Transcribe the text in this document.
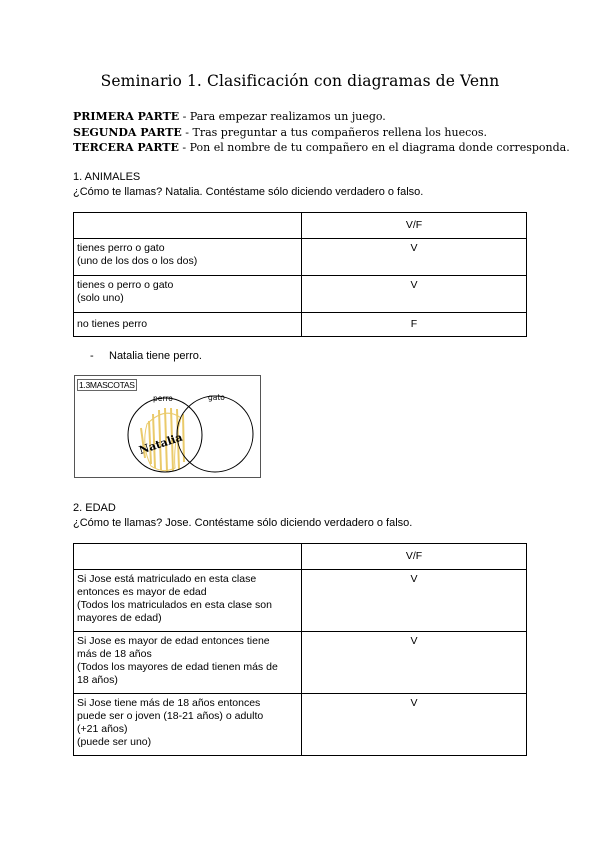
Seminario 1. Clasificación con diagramas de Venn
PRIMERA PARTE - Para empezar realizamos un juego.
SEGUNDA PARTE - Tras preguntar a tus compañeros rellena los huecos.
TERCERA PARTE - Pon el nombre de tu compañero en el diagrama donde corresponda.
1. ANIMALES
¿Cómo te llamas? Natalia. Contéstame sólo diciendo verdadero o falso.
	V/F

tienes perro o gato
(uno de los dos o los dos)	V

tienes o perro o gato
(solo uno)	V
no tienes perro	F
- Natalia tiene perro.
1.3MASCOTAS
perro	gato
Natalia
2. EDAD
¿Cómo te llamas? Jose. Contéstame sólo diciendo verdadero o falso.
	V/F

Si Jose está matriculado en esta clase
entonces es mayor de edad
(Todos los matriculados en esta clase son
mayores de edad)	V

Si Jose es mayor de edad entonces tiene
más de 18 años
(Todos los mayores de edad tienen más de
18 años)	V

Si Jose tiene más de 18 años entonces
puede ser o joven (18-21 años) o adulto
(+21 años)
(puede ser uno)	V
